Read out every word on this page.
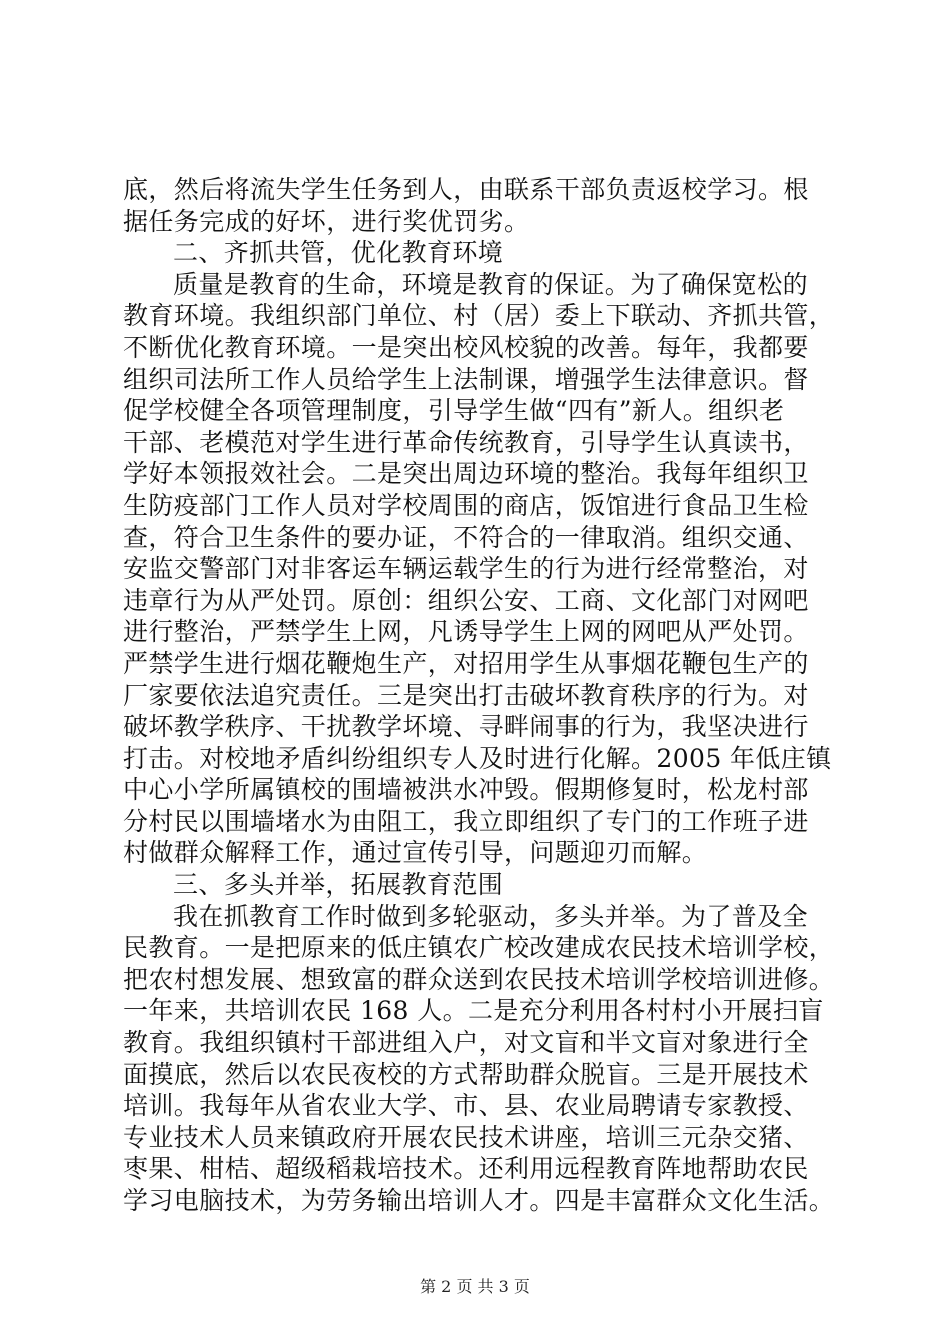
底，然后将流失学生任务到人，由联系干部负责返校学习。根
据任务完成的好坏，进行奖优罚劣。
二、齐抓共管，优化教育环境
质量是教育的生命，环境是教育的保证。为了确保宽松的
教育环境。我组织部门单位、村（居）委上下联动、齐抓共管，
不断优化教育环境。一是突出校风校貌的改善。每年，我都要
组织司法所工作人员给学生上法制课，增强学生法律意识。督
促学校健全各项管理制度，引导学生做“四有”新人。组织老
干部、老模范对学生进行革命传统教育，引导学生认真读书，
学好本领报效社会。二是突出周边环境的整治。我每年组织卫
生防疫部门工作人员对学校周围的商店，饭馆进行食品卫生检
查，符合卫生条件的要办证，不符合的一律取消。组织交通、
安监交警部门对非客运车辆运载学生的行为进行经常整治，对
违章行为从严处罚。原创：组织公安、工商、文化部门对网吧
进行整治，严禁学生上网，凡诱导学生上网的网吧从严处罚。
严禁学生进行烟花鞭炮生产，对招用学生从事烟花鞭包生产的
厂家要依法追究责任。三是突出打击破坏教育秩序的行为。对
破坏教学秩序、干扰教学坏境、寻畔闹事的行为，我坚决进行
打击。对校地矛盾纠纷组织专人及时进行化解。2005 年低庄镇
中心小学所属镇校的围墙被洪水冲毁。假期修复时，松龙村部
分村民以围墙堵水为由阻工，我立即组织了专门的工作班子进
村做群众解释工作，通过宣传引导，问题迎刃而解。
三、多头并举，拓展教育范围
我在抓教育工作时做到多轮驱动，多头并举。为了普及全
民教育。一是把原来的低庄镇农广校改建成农民技术培训学校，
把农村想发展、想致富的群众送到农民技术培训学校培训进修。
一年来，共培训农民 168 人。二是充分利用各村村小开展扫盲
教育。我组织镇村干部进组入户，对文盲和半文盲对象进行全
面摸底，然后以农民夜校的方式帮助群众脱盲。三是开展技术
培训。我每年从省农业大学、市、县、农业局聘请专家教授、
专业技术人员来镇政府开展农民技术讲座，培训三元杂交猪、
枣果、柑桔、超级稻栽培技术。还利用远程教育阵地帮助农民
学习电脑技术，为劳务输出培训人才。四是丰富群众文化生活。
第 2 页 共 3 页
